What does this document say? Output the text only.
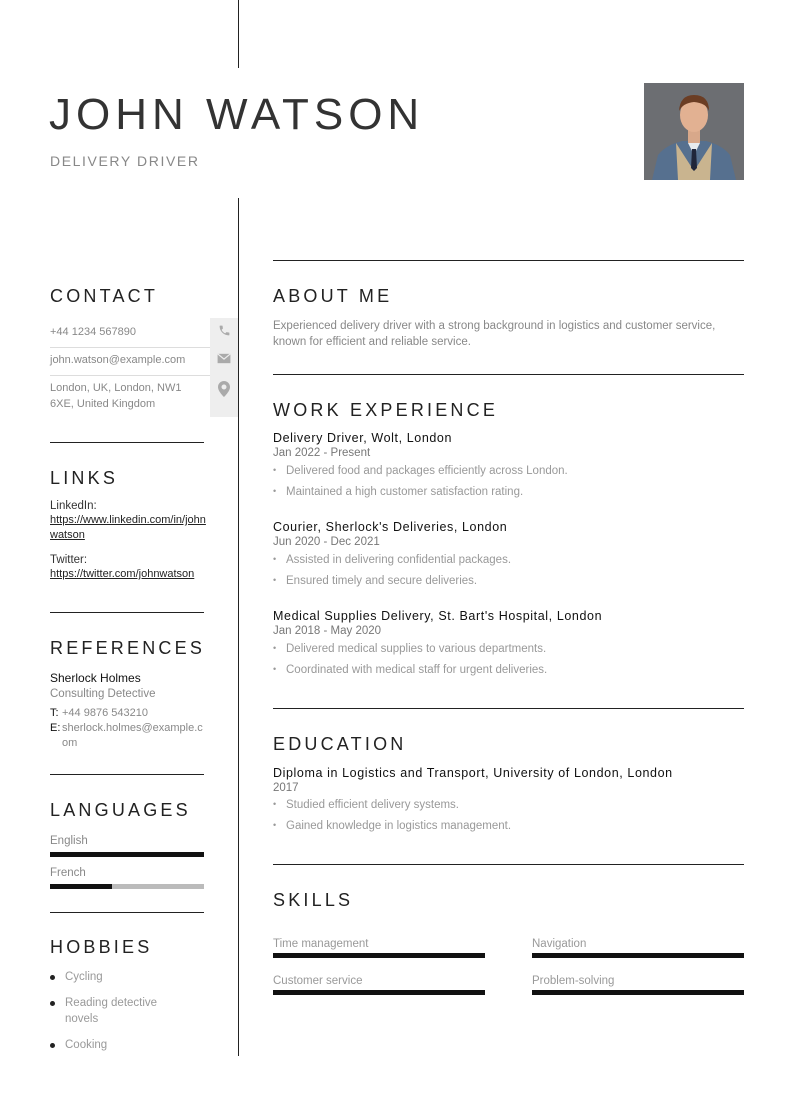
JOHN WATSON
DELIVERY DRIVER
CONTACT
+44 1234 567890
john.watson@example.com
London, UK, London, NW1 6XE, United Kingdom
LINKS
LinkedIn:
https://www.linkedin.com/in/johnwatson
Twitter:
https://twitter.com/johnwatson
REFERENCES
Sherlock Holmes
Consulting Detective
T: +44 9876 543210
E: sherlock.holmes@example.com
LANGUAGES
English
French
HOBBIES
Cycling
Reading detective novels
Cooking
ABOUT ME
Experienced delivery driver with a strong background in logistics and customer service, known for efficient and reliable service.
WORK EXPERIENCE
Delivery Driver, Wolt, London
Jan 2022 - Present
• Delivered food and packages efficiently across London.
• Maintained a high customer satisfaction rating.
Courier, Sherlock's Deliveries, London
Jun 2020 - Dec 2021
• Assisted in delivering confidential packages.
• Ensured timely and secure deliveries.
Medical Supplies Delivery, St. Bart's Hospital, London
Jan 2018 - May 2020
• Delivered medical supplies to various departments.
• Coordinated with medical staff for urgent deliveries.
EDUCATION
Diploma in Logistics and Transport, University of London, London
2017
• Studied efficient delivery systems.
• Gained knowledge in logistics management.
SKILLS
Time management	Navigation
Customer service	Problem-solving
